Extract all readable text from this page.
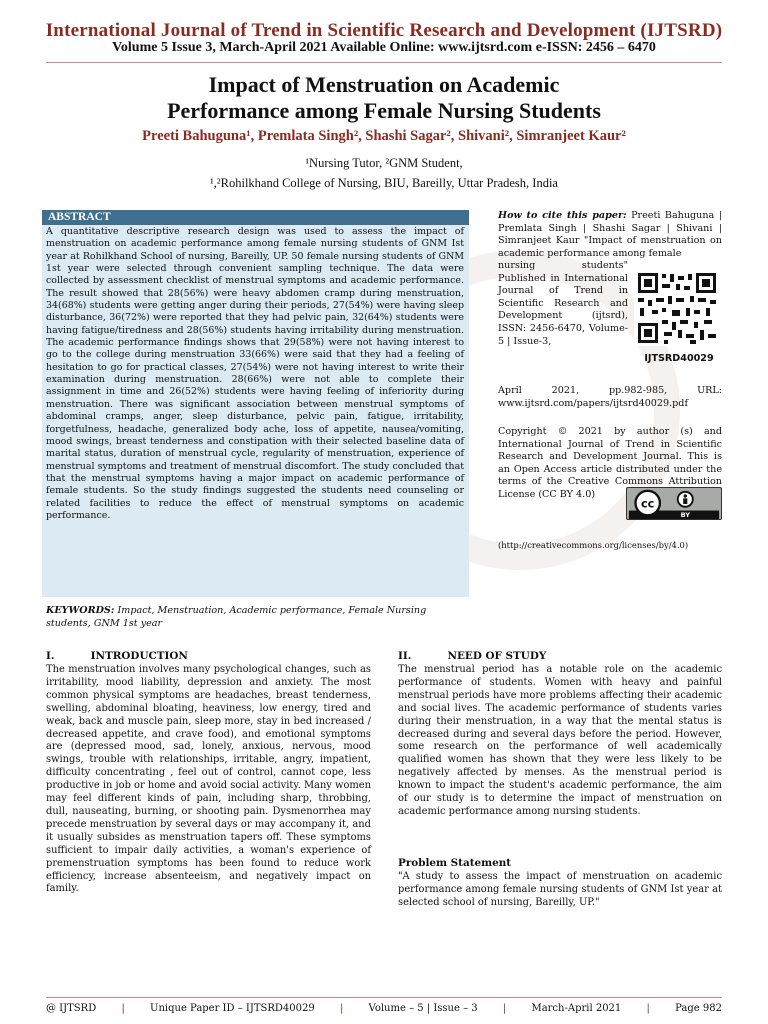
International Journal of Trend in Scientific Research and Development (IJTSRD)
Volume 5 Issue 3, March-April 2021 Available Online: www.ijtsrd.com e-ISSN: 2456 – 6470
Impact of Menstruation on Academic
Performance among Female Nursing Students
Preeti Bahuguna¹, Premlata Singh², Shashi Sagar², Shivani², Simranjeet Kaur²
¹Nursing Tutor, ²GNM Student,
¹,²Rohilkhand College of Nursing, BIU, Bareilly, Uttar Pradesh, India
ABSTRACT
A quantitative descriptive research design was used to assess the impact of menstruation on academic performance among female nursing students of GNM Ist year at Rohilkhand School of nursing, Bareilly, UP. 50 female nursing students of GNM 1st year were selected through convenient sampling technique. The data were collected by assessment checklist of menstrual symptoms and academic performance. The result showed that 28(56%) were heavy abdomen cramp during menstruation, 34(68%) students were getting anger during their periods, 27(54%) were having sleep disturbance, 36(72%) were reported that they had pelvic pain, 32(64%) students were having fatigue/tiredness and 28(56%) students having irritability during menstruation. The academic performance findings shows that 29(58%) were not having interest to go to the college during menstruation 33(66%) were said that they had a feeling of hesitation to go for practical classes, 27(54%) were not having interest to write their examination during menstruation. 28(66%) were not able to complete their assignment in time and 26(52%) students were having feeling of inferiority during menstruation. There was significant association between menstrual symptoms of abdominal cramps, anger, sleep disturbance, pelvic pain, fatigue, irritability, forgetfulness, headache, generalized body ache, loss of appetite, nausea/vomiting, mood swings, breast tenderness and constipation with their selected baseline data of marital status, duration of menstrual cycle, regularity of menstruation, experience of menstrual symptoms and treatment of menstrual discomfort. The study concluded that that the menstrual symptoms having a major impact on academic performance of female students. So the study findings suggested the students need counseling or related facilities to reduce the effect of menstrual symptoms on academic performance.
KEYWORDS: Impact, Menstruation, Academic performance, Female Nursing students, GNM 1st year
How to cite this paper: Preeti Bahuguna | Premlata Singh | Shashi Sagar | Shivani | Simranjeet Kaur "Impact of menstruation on academic performance among female
nursing students" Published in International Journal of Trend in Scientific Research and Development (ijtsrd), ISSN: 2456-6470, Volume-5 | Issue-3,
IJTSRD40029
April 2021, pp.982-985, URL: www.ijtsrd.com/papers/ijtsrd40029.pdf
Copyright © 2021 by author (s) and International Journal of Trend in Scientific Research and Development Journal. This is an Open Access article distributed under the terms of the Creative Commons Attribution License (CC BY 4.0)
cc
BY
(http://creativecommons.org/licenses/by/4.0)
I.          INTRODUCTION
The menstruation involves many psychological changes, such as irritability, mood liability, depression and anxiety. The most common physical symptoms are headaches, breast tenderness, swelling, abdominal bloating, heaviness, low energy, tired and weak, back and muscle pain, sleep more, stay in bed increased / decreased appetite, and crave food), and emotional symptoms are (depressed mood, sad, lonely, anxious, nervous, mood swings, trouble with relationships, irritable, angry, impatient, difficulty concentrating , feel out of control, cannot cope, less productive in job or home and avoid social activity. Many women may feel different kinds of pain, including sharp, throbbing, dull, nauseating, burning, or shooting pain. Dysmenorrhea may precede menstruation by several days or may accompany it, and it usually subsides as menstruation tapers off. These symptoms sufficient to impair daily activities, a woman's experience of premenstruation symptoms has been found to reduce work efficiency, increase absenteeism, and negatively impact on family.
II.          NEED OF STUDY
The menstrual period has a notable role on the academic performance of students. Women with heavy and painful menstrual periods have more problems affecting their academic and social lives. The academic performance of students varies during their menstruation, in a way that the mental status is decreased during and several days before the period. However, some research on the performance of well academically qualified women has shown that they were less likely to be negatively affected by menses. As the menstrual period is known to impact the student's academic performance, the aim of our study is to determine the impact of menstruation on academic performance among nursing students.
Problem Statement
"A study to assess the impact of menstruation on academic performance among female nursing students of GNM Ist year at selected school of nursing, Bareilly, UP."
@ IJTSRD	|	Unique Paper ID – IJTSRD40029	|	Volume – 5 | Issue – 3	|	March-April 2021	|	Page 982
